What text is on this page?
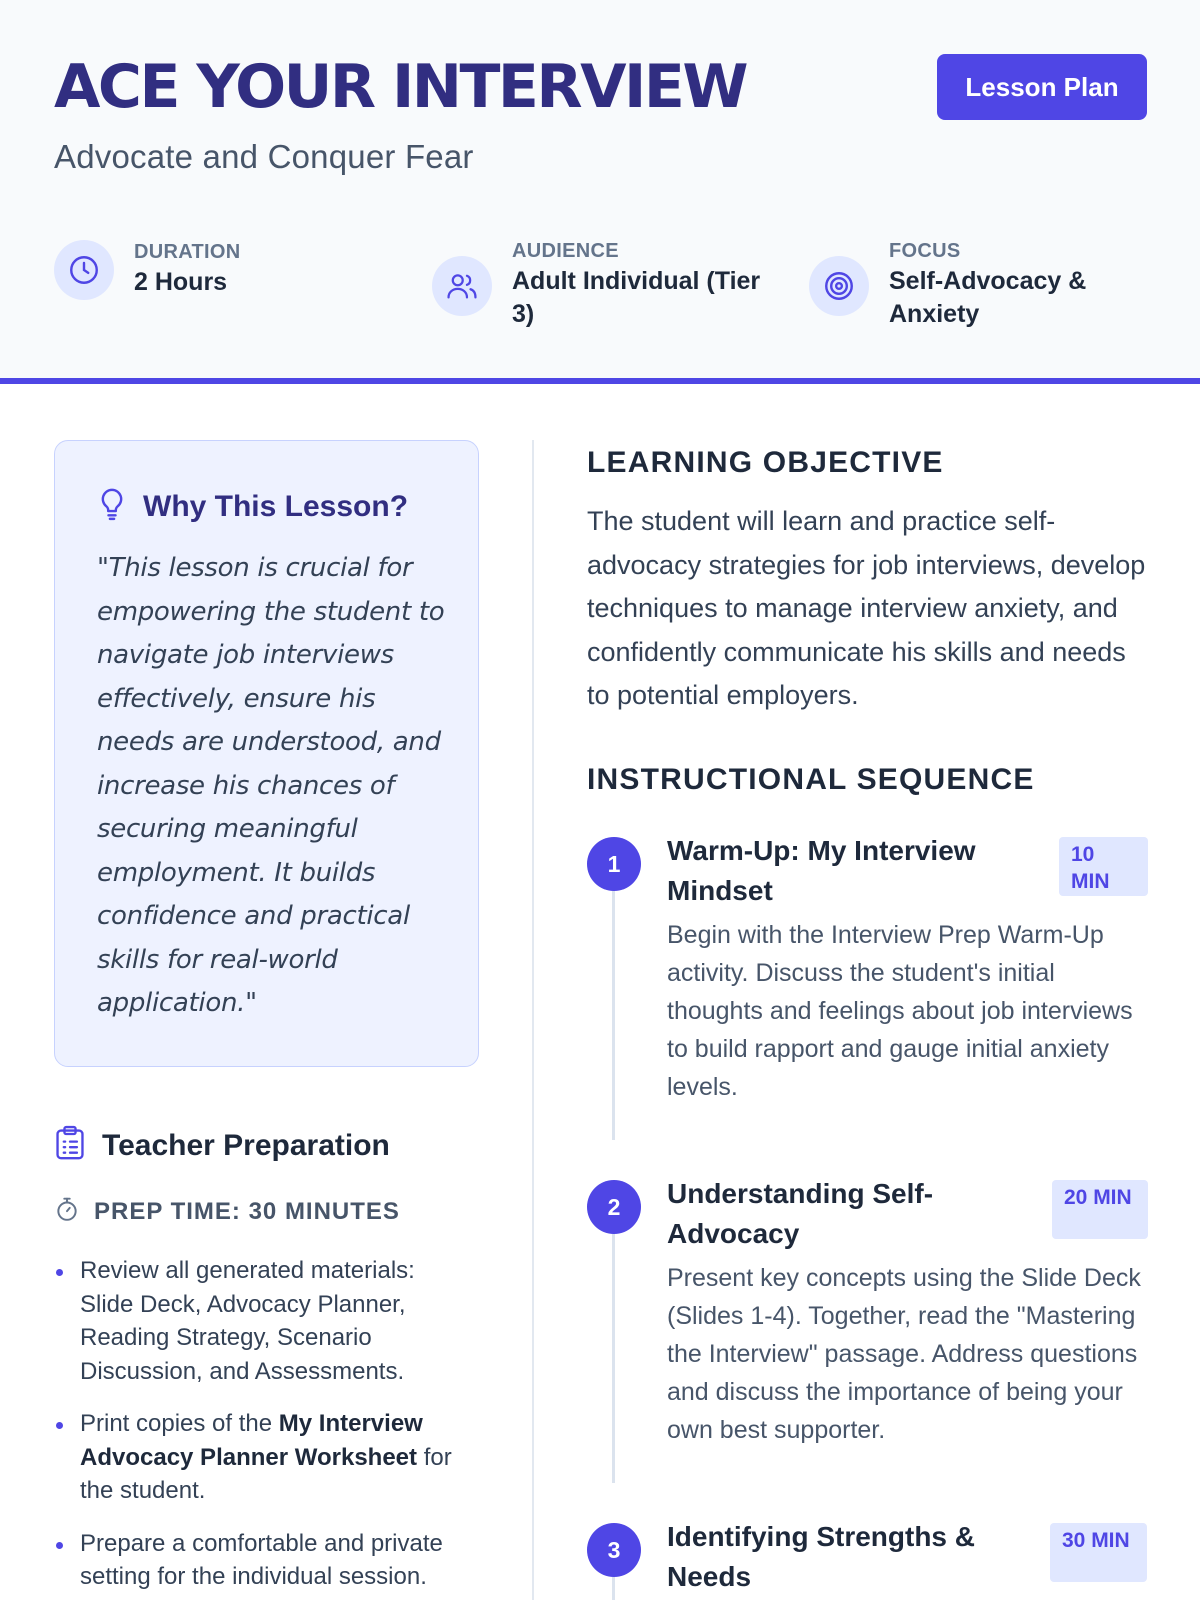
ACE YOUR INTERVIEW
Advocate and Conquer Fear
Lesson Plan
DURATION
2 Hours
AUDIENCE
Adult Individual (Tier 3)
FOCUS
Self-Advocacy & Anxiety
Why This Lesson?
"This lesson is crucial for empowering the student to navigate job interviews effectively, ensure his needs are understood, and increase his chances of securing meaningful employment. It builds confidence and practical skills for real-world application."
Teacher Preparation
PREP TIME: 30 MINUTES
Review all generated materials: Slide Deck, Advocacy Planner, Reading Strategy, Scenario Discussion, and Assessments.
Print copies of the My Interview Advocacy Planner Worksheet for the student.
Prepare a comfortable and private setting for the individual session.
LEARNING OBJECTIVE
The student will learn and practice self-advocacy strategies for job interviews, develop techniques to manage interview anxiety, and confidently communicate his skills and needs to potential employers.
INSTRUCTIONAL SEQUENCE
1	Warm-Up: My Interview Mindset
10 MIN
Begin with the Interview Prep Warm-Up activity. Discuss the student's initial thoughts and feelings about job interviews to build rapport and gauge initial anxiety levels.
2	Understanding Self-Advocacy
20 MIN
Present key concepts using the Slide Deck (Slides 1-4). Together, read the "Mastering the Interview" passage. Address questions and discuss the importance of being your own best supporter.
3	Identifying Strengths & Needs
30 MIN
